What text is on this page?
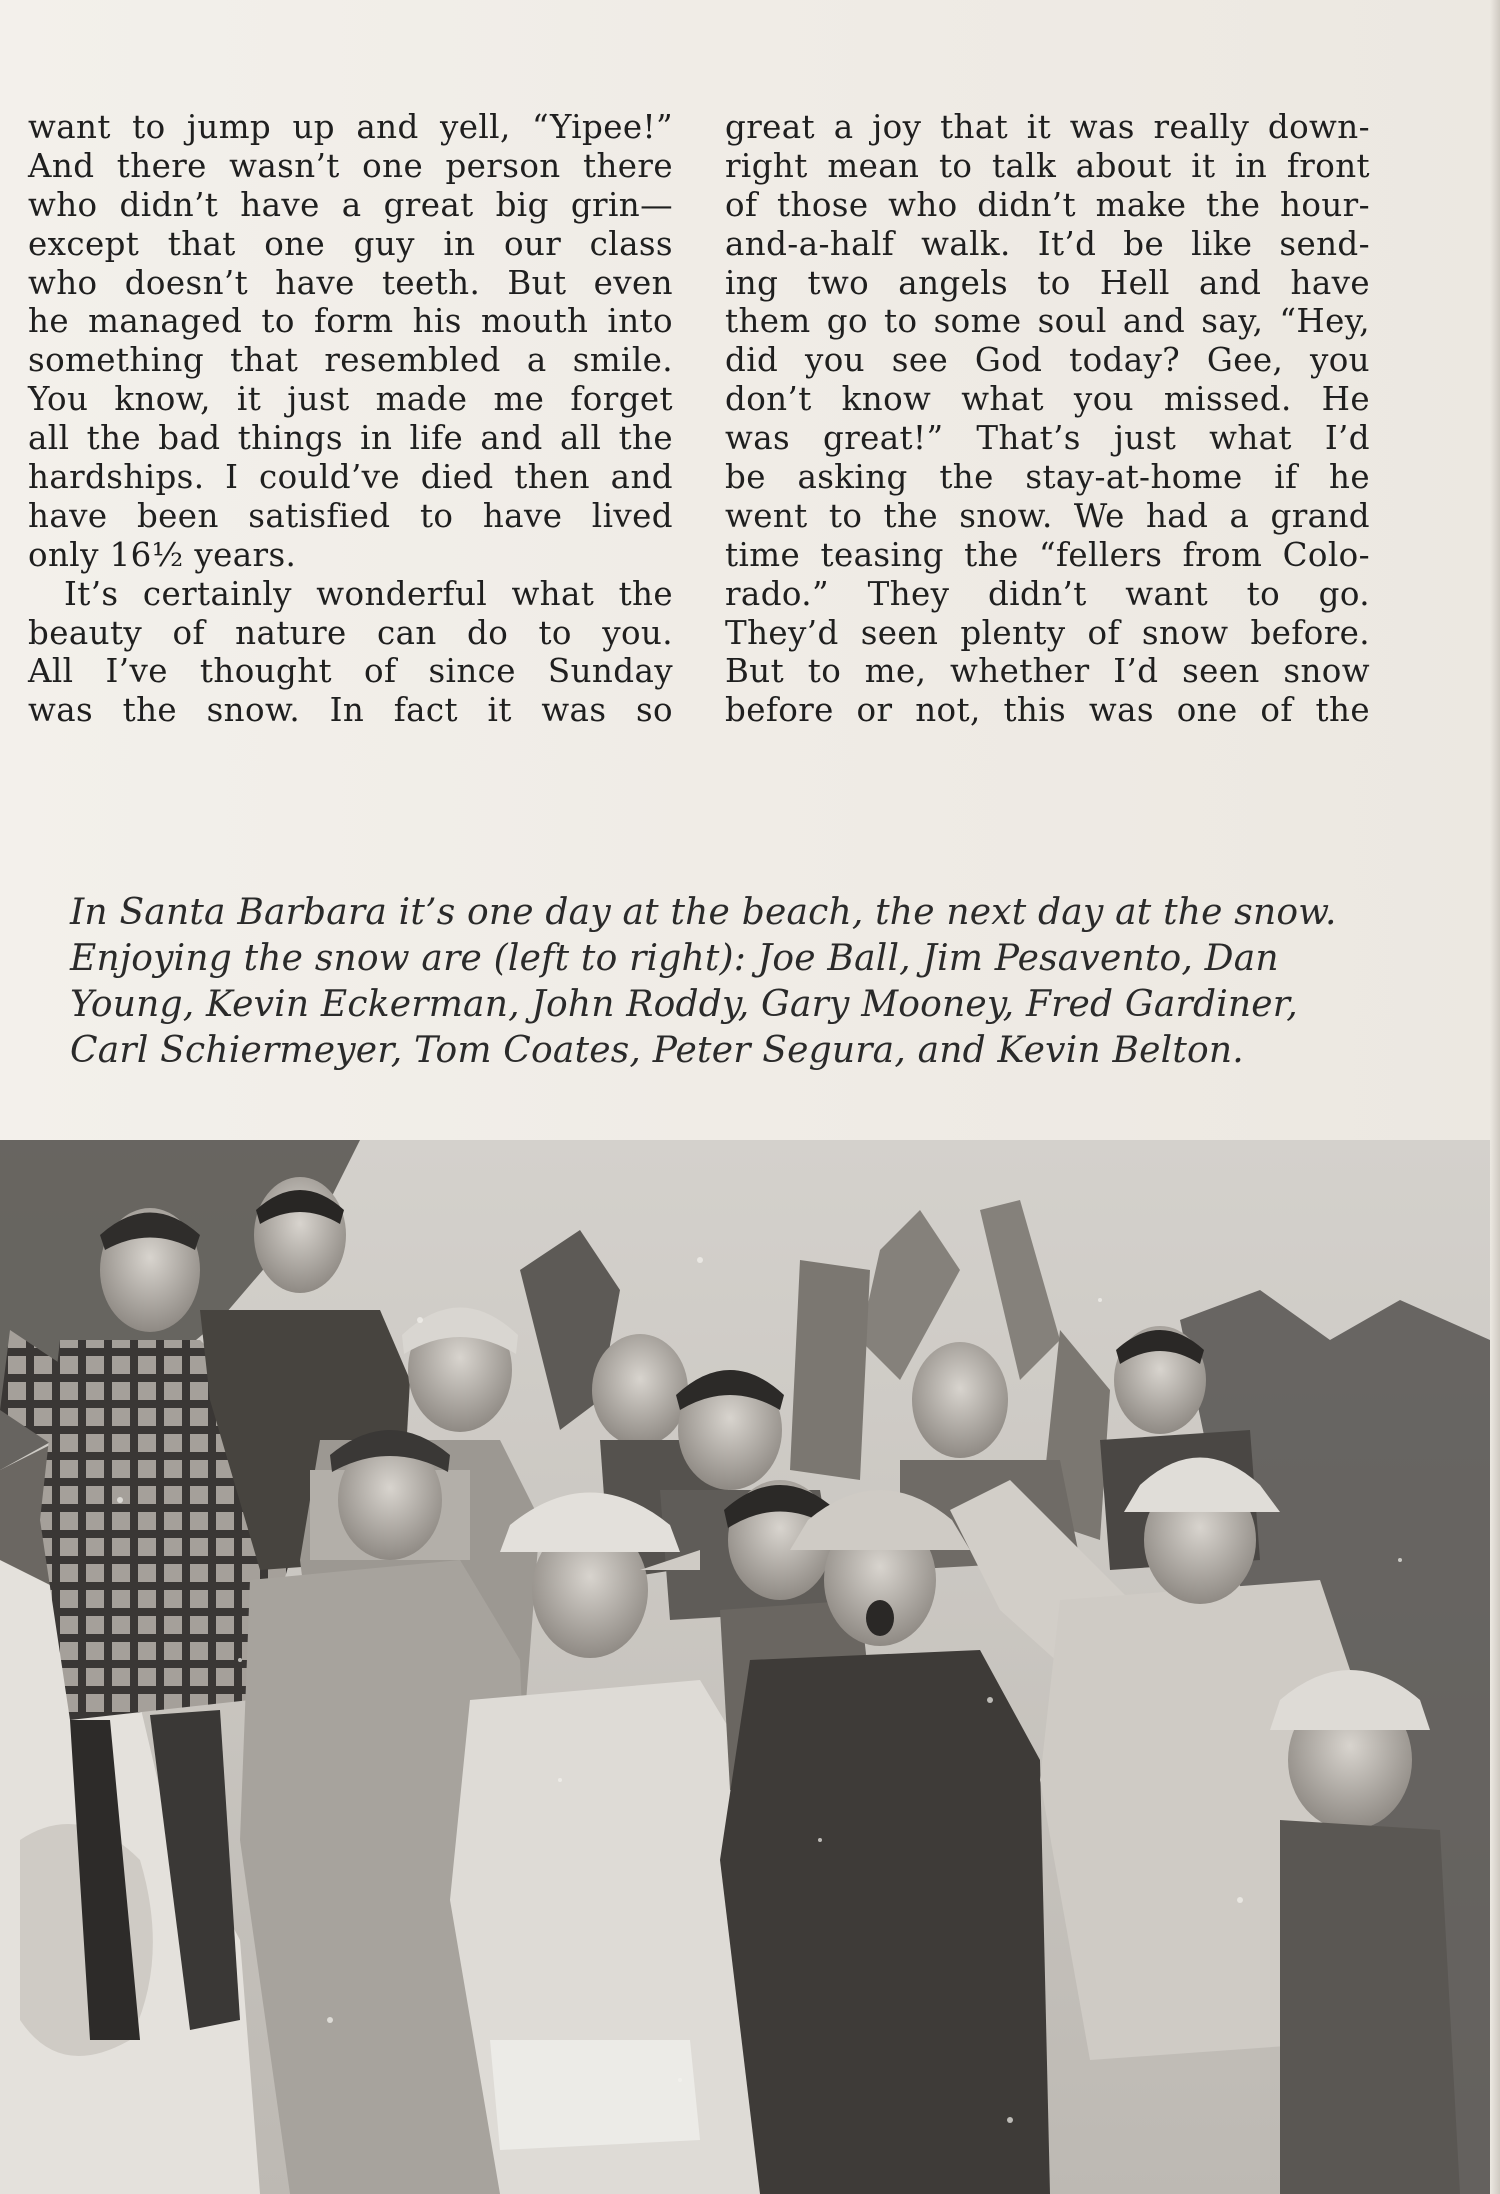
want to jump up and yell, “Yipee!”
And there wasn’t one person there
who didn’t have a great big grin—
except that one guy in our class
who doesn’t have teeth. But even
he managed to form his mouth into
something that resembled a smile.
You know, it just made me forget
all the bad things in life and all the
hardships. I could’ve died then and
have been satisfied to have lived
only 16½ years.
It’s certainly wonderful what the
beauty of nature can do to you.
All I’ve thought of since Sunday
was the snow. In fact it was so
great a joy that it was really down-
right mean to talk about it in front
of those who didn’t make the hour-
and-a-half walk. It’d be like send-
ing two angels to Hell and have
them go to some soul and say, “Hey,
did you see God today? Gee, you
don’t know what you missed. He
was great!” That’s just what I’d
be asking the stay-at-home if he
went to the snow. We had a grand
time teasing the “fellers from Colo-
rado.” They didn’t want to go.
They’d seen plenty of snow before.
But to me, whether I’d seen snow
before or not, this was one of the
In Santa Barbara it’s one day at the beach, the next day at the snow.
Enjoying the snow are (left to right): Joe Ball, Jim Pesavento, Dan
Young, Kevin Eckerman, John Roddy, Gary Mooney, Fred Gardiner,
Carl Schiermeyer, Tom Coates, Peter Segura, and Kevin Belton.
